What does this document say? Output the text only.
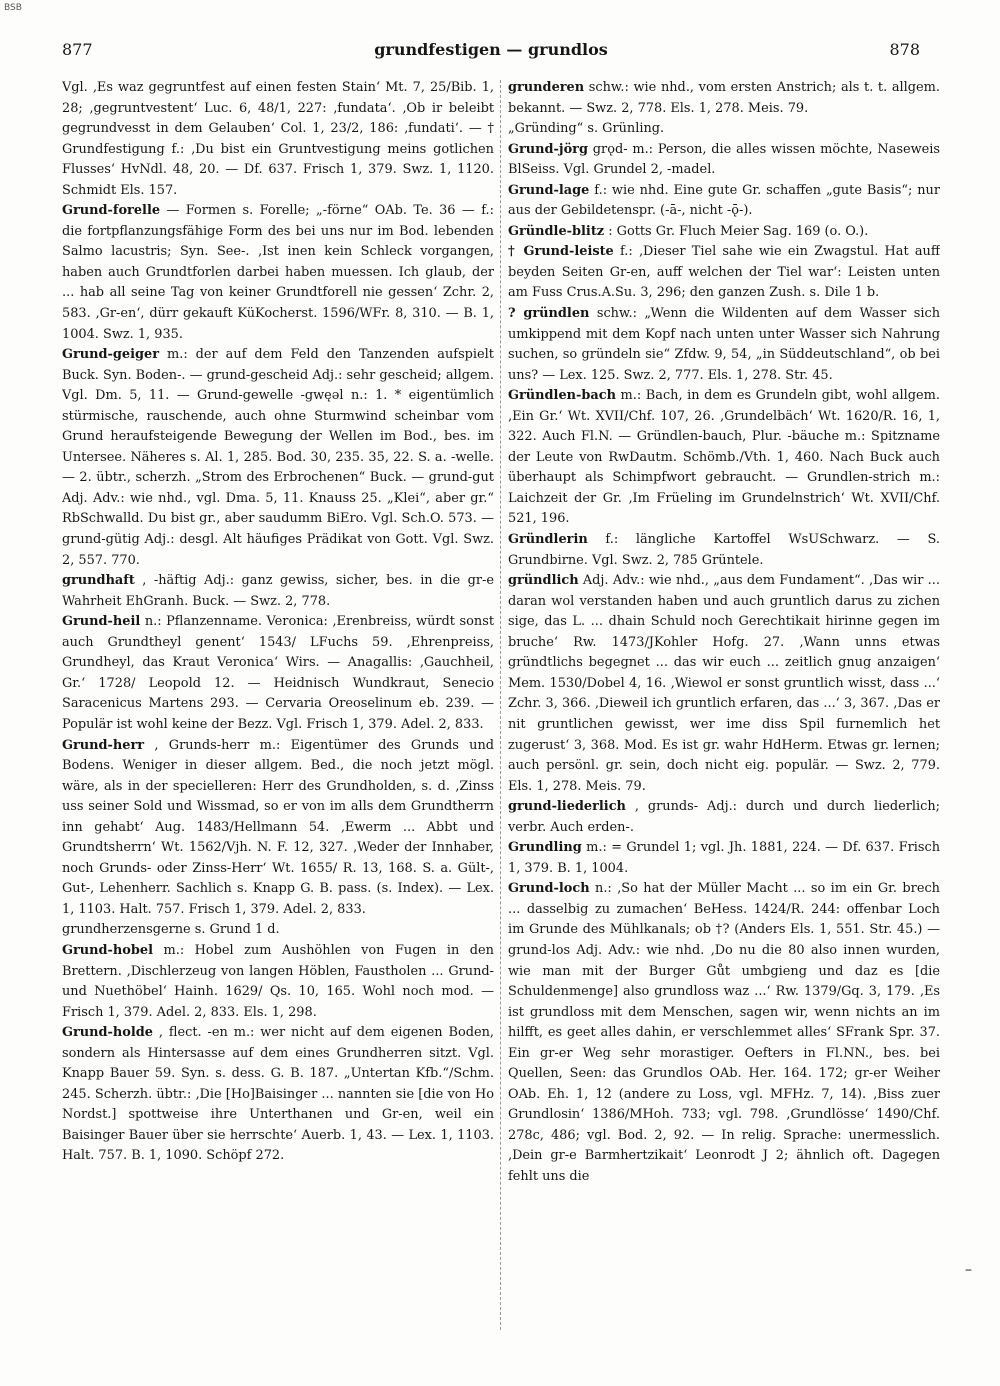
BSB
877	grundfestigen — grundlos	878

Vgl. ‚Es waz gegruntfest auf einen festen Stain‘ Mt. 7, 25/Bib. 1, 28; ‚gegruntvestent‘ Luc. 6, 48/1, 227: ‚fundata‘. ‚Ob ir beleibt gegrundvesst in dem Gelauben‘ Col. 1, 23/2, 186: ‚fundati‘. — † Grundfestigung f.: ‚Du bist ein Gruntvestigung meins gotlichen Flusses‘ HvNdl. 48, 20. — Df. 637. Frisch 1, 379. Swz. 1, 1120. Schmidt Els. 157.

Grund-forelle — Formen s. Forelle; „-förne“ OAb. Te. 36 — f.: die fortpflanzungsfähige Form des bei uns nur im Bod. lebenden Salmo lacustris; Syn. See-. ‚Ist inen kein Schleck vorgangen, haben auch Grundtforlen darbei haben muessen. Ich glaub, der ... hab all seine Tag von keiner Grundtforell nie gessen‘ Zchr. 2, 583. ‚Gr-en‘, dürr gekauft KüKocherst. 1596/WFr. 8, 310. — B. 1, 1004. Swz. 1, 935.

Grund-geiger m.: der auf dem Feld den Tanzenden aufspielt Buck. Syn. Boden-. — grund-gescheid Adj.: sehr gescheid; allgem. Vgl. Dm. 5, 11. — Grund-gewelle -gwęəl n.: 1. * eigentümlich stürmische, rauschende, auch ohne Sturmwind scheinbar vom Grund heraufsteigende Bewegung der Wellen im Bod., bes. im Untersee. Näheres s. Al. 1, 285. Bod. 30, 235. 35, 22. S. a. -welle. — 2. übtr., scherzh. „Strom des Erbrochenen“ Buck. — grund-gut Adj. Adv.: wie nhd., vgl. Dma. 5, 11. Knauss 25. „Klei“, aber gr.“ RbSchwalld. Du bist gr., aber saudumm BiEro. Vgl. Sch.O. 573. — grund-gütig Adj.: desgl. Alt häufiges Prädikat von Gott. Vgl. Swz. 2, 557. 770.

grundhaft , -häftig Adj.: ganz gewiss, sicher, bes. in die gr-e Wahrheit EhGranh. Buck. — Swz. 2, 778.

Grund-heil n.: Pflanzenname. Veronica: ‚Erenbreiss, würdt sonst auch Grundtheyl genent‘ 1543/ LFuchs 59. ‚Ehrenpreiss, Grundheyl, das Kraut Veronica‘ Wirs. — Anagallis: ‚Gauchheil, Gr.‘ 1728/ Leopold 12. — Heidnisch Wundkraut, Senecio Saracenicus Martens 293. — Cervaria Oreoselinum eb. 239. — Populär ist wohl keine der Bezz. Vgl. Frisch 1, 379. Adel. 2, 833.

Grund-herr , Grunds-herr m.: Eigentümer des Grunds und Bodens. Weniger in dieser allgem. Bed., die noch jetzt mögl. wäre, als in der specielleren: Herr des Grundholden, s. d. ‚Zinss uss seiner Sold und Wissmad, so er von im alls dem Grundtherrn inn gehabt‘ Aug. 1483/Hellmann 54. ‚Ewerm ... Abbt und Grundtsherrn‘ Wt. 1562/Vjh. N. F. 12, 327. ‚Weder der Innhaber, noch Grunds- oder Zinss-Herr‘ Wt. 1655/ R. 13, 168. S. a. Gült-, Gut-, Lehenherr. Sachlich s. Knapp G. B. pass. (s. Index). — Lex. 1, 1103. Halt. 757. Frisch 1, 379. Adel. 2, 833.

grundherzensgerne s. Grund 1 d.

Grund-hobel m.: Hobel zum Aushöhlen von Fugen in den Brettern. ‚Dischlerzeug von langen Höblen, Faustholen ... Grund- und Nuethöbel‘ Hainh. 1629/ Qs. 10, 165. Wohl noch mod. — Frisch 1, 379. Adel. 2, 833. Els. 1, 298.

Grund-holde , flect. -en m.: wer nicht auf dem eigenen Boden, sondern als Hintersasse auf dem eines Grundherren sitzt. Vgl. Knapp Bauer 59. Syn. s. dess. G. B. 187. „Untertan Kfb.“/Schm. 245. Scherzh. übtr.: ‚Die [Ho]Baisinger ... nannten sie [die von Ho Nordst.] spottweise ihre Unterthanen und Gr-en, weil ein Baisinger Bauer über sie herrschte‘ Auerb. 1, 43. — Lex. 1, 1103. Halt. 757. B. 1, 1090. Schöpf 272.

grunderen schw.: wie nhd., vom ersten Anstrich; als t. t. allgem. bekannt. — Swz. 2, 778. Els. 1, 278. Meis. 79.

„Gründing“ s. Grünling.

Grund-jörg grǫd- m.: Person, die alles wissen möchte, Naseweis BlSeiss. Vgl. Grundel 2, -madel.

Grund-lage f.: wie nhd. Eine gute Gr. schaffen „gute Basis“; nur aus der Gebildetenspr. (-ā-, nicht -ǭ-).

Gründle-blitz : Gotts Gr. Fluch Meier Sag. 169 (o. O.).

† Grund-leiste f.: ‚Dieser Tiel sahe wie ein Zwagstul. Hat auff beyden Seiten Gr-en, auff welchen der Tiel war‘: Leisten unten am Fuss Crus.A.Su. 3, 296; den ganzen Zush. s. Dile 1 b.

? gründlen schw.: „Wenn die Wildenten auf dem Wasser sich umkippend mit dem Kopf nach unten unter Wasser sich Nahrung suchen, so gründeln sie“ Zfdw. 9, 54, „in Süddeutschland“, ob bei uns? — Lex. 125. Swz. 2, 777. Els. 1, 278. Str. 45.

Gründlen-bach m.: Bach, in dem es Grundeln gibt, wohl allgem. ‚Ein Gr.‘ Wt. XVII/Chf. 107, 26. ‚Grundelbäch‘ Wt. 1620/R. 16, 1, 322. Auch Fl.N. — Gründlen-bauch, Plur. -bäuche m.: Spitzname der Leute von RwDautm. Schömb./Vth. 1, 460. Nach Buck auch überhaupt als Schimpfwort gebraucht. — Grundlen-strich m.: Laichzeit der Gr. ‚Im Früeling im Grundelnstrich‘ Wt. XVII/Chf. 521, 196.

Gründlerin f.: längliche Kartoffel WsUSchwarz. — S. Grundbirne. Vgl. Swz. 2, 785 Grüntele.

gründlich Adj. Adv.: wie nhd., „aus dem Fundament“. ‚Das wir ... daran wol verstanden haben und auch gruntlich darus zu zichen sige, das L. ... dhain Schuld noch Gerechtikait hirinne gegen im bruche‘ Rw. 1473/JKohler Hofg. 27. ‚Wann unns etwas gründtlichs begegnet ... das wir euch ... zeitlich gnug anzaigen‘ Mem. 1530/Dobel 4, 16. ‚Wiewol er sonst gruntlich wisst, dass ...‘ Zchr. 3, 366. ‚Dieweil ich gruntlich erfaren, das ...‘ 3, 367. ‚Das er nit gruntlichen gewisst, wer ime diss Spil furnemlich het zugerust‘ 3, 368. Mod. Es ist gr. wahr HdHerm. Etwas gr. lernen; auch persönl. gr. sein, doch nicht eig. populär. — Swz. 2, 779. Els. 1, 278. Meis. 79.

grund-liederlich , grunds- Adj.: durch und durch liederlich; verbr. Auch erden-.

Grundling m.: = Grundel 1; vgl. Jh. 1881, 224. — Df. 637. Frisch 1, 379. B. 1, 1004.

Grund-loch n.: ‚So hat der Müller Macht ... so im ein Gr. brech ... dasselbig zu zumachen‘ BeHess. 1424/R. 244: offenbar Loch im Grunde des Mühlkanals; ob †? (Anders Els. 1, 551. Str. 45.) — grund-los Adj. Adv.: wie nhd. ‚Do nu die 80 also innen wurden, wie man mit der Burger Gůt umbgieng und daz es [die Schuldenmenge] also grundloss waz ...‘ Rw. 1379/Gq. 3, 179. ‚Es ist grundloss mit dem Menschen, sagen wir, wenn nichts an im hilfft, es geet alles dahin, er verschlemmet alles‘ SFrank Spr. 37. Ein gr-er Weg sehr morastiger. Oefters in Fl.NN., bes. bei Quellen, Seen: das Grundlos OAb. Her. 164. 172; gr-er Weiher OAb. Eh. 1, 12 (andere zu Loss, vgl. MFHz. 7, 14). ‚Biss zuer Grundlosin‘ 1386/MHoh. 733; vgl. 798. ‚Grundlösse‘ 1490/Chf. 278c, 486; vgl. Bod. 2, 92. — In relig. Sprache: unermesslich. ‚Dein gr-e Barmhertzikait‘ Leonrodt J 2; ähnlich oft. Dagegen fehlt uns die

–
